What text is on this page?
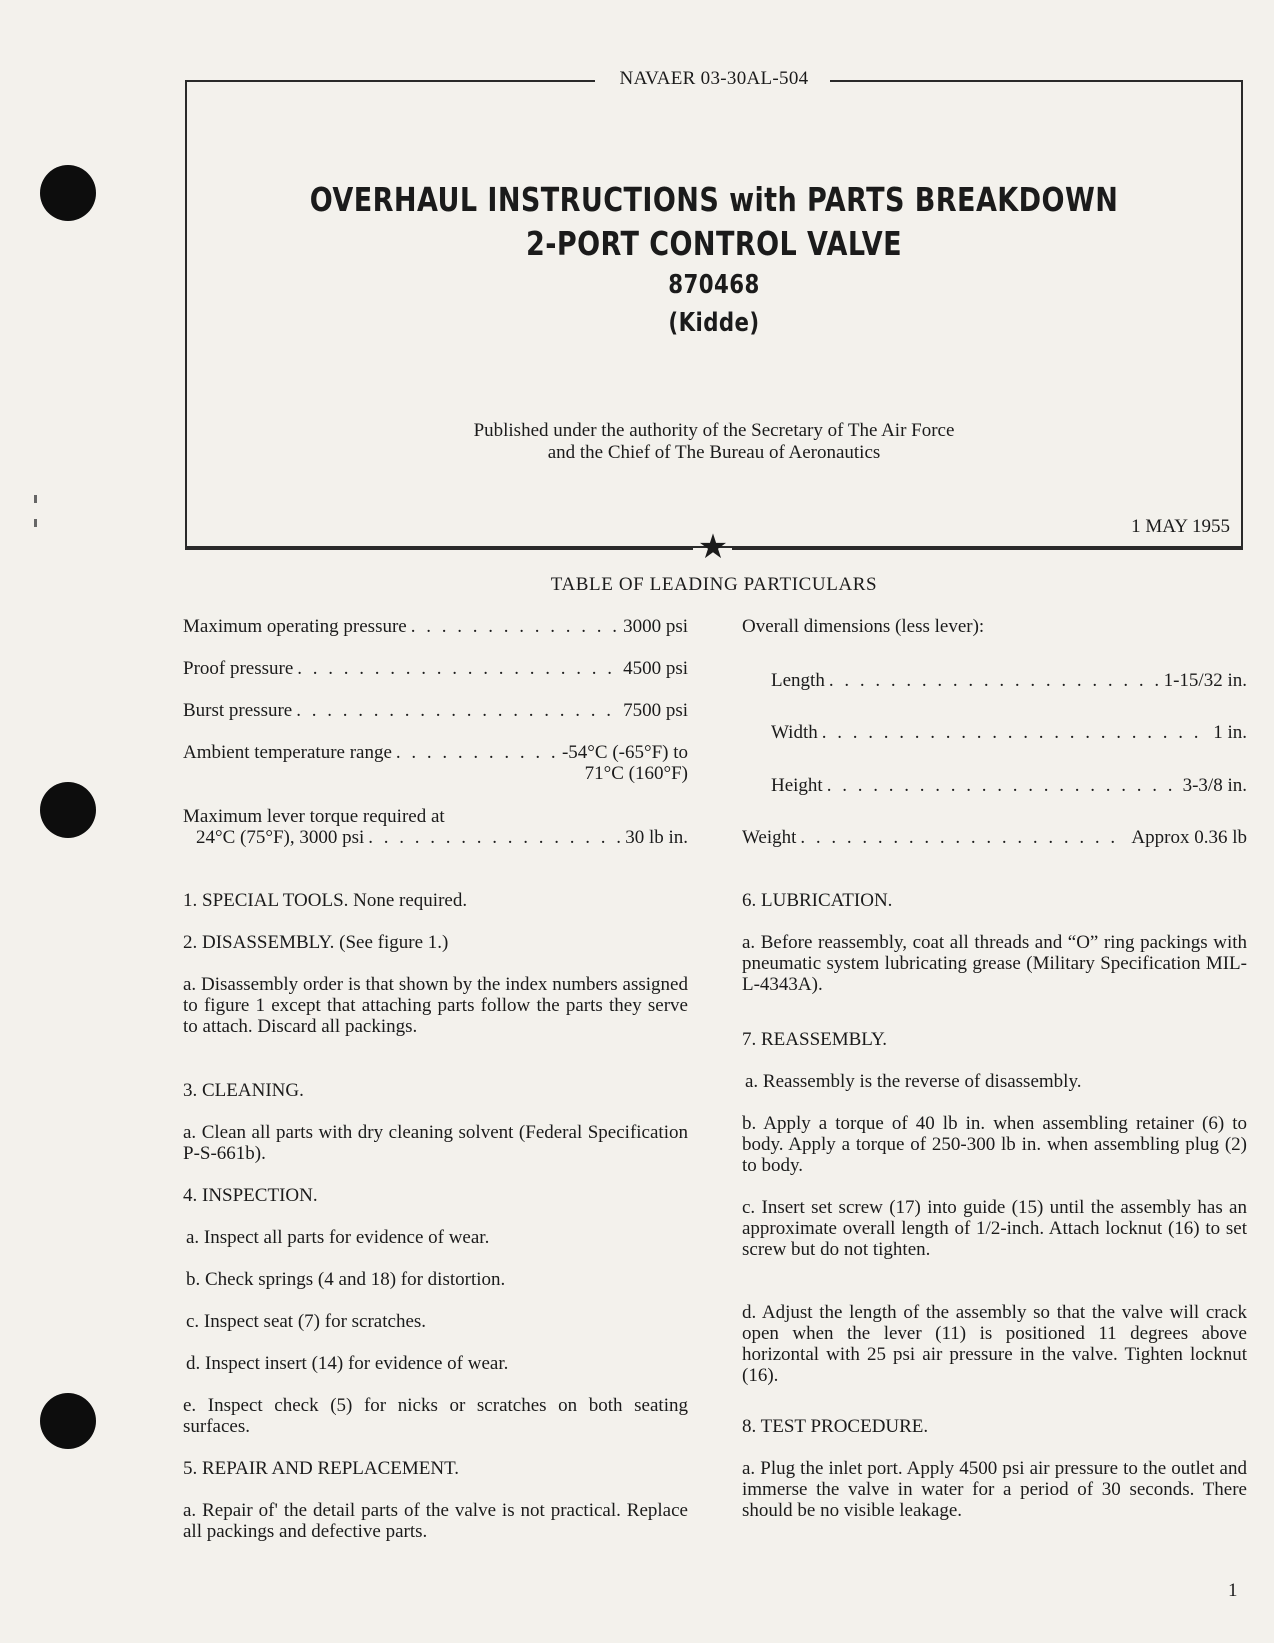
NAVAER 03-30AL-504
★
OVERHAUL INSTRUCTIONS with PARTS BREAKDOWN
2-PORT CONTROL VALVE
870468
(Kidde)
Published under the authority of the Secretary of The Air Force
and the Chief of The Bureau of Aeronautics
1 MAY 1955
TABLE OF LEADING PARTICULARS
Maximum operating pressure . . .	3000 psi
Proof pressure . . .	4500 psi
Burst pressure . . .	7500 psi
Ambient temperature range . . .	-54°C (-65°F) to
71°C (160°F)
Maximum lever torque required at
24°C (75°F), 3000 psi . . .	30 lb in.
Overall dimensions (less lever):
Length . . .	1-15/32 in.
Width . . .	1 in.
Height . . .	3-3/8 in.
Weight . . .	Approx 0.36 lb
1. SPECIAL TOOLS. None required.
2. DISASSEMBLY. (See figure 1.)
a. Disassembly order is that shown by the index numbers assigned to figure 1 except that attaching parts follow the parts they serve to attach. Discard all packings.
3. CLEANING.
a. Clean all parts with dry cleaning solvent (Federal Specification P-S-661b).
4. INSPECTION.
a. Inspect all parts for evidence of wear.
b. Check springs (4 and 18) for distortion.
c. Inspect seat (7) for scratches.
d. Inspect insert (14) for evidence of wear.
e. Inspect check (5) for nicks or scratches on both seating surfaces.
5. REPAIR AND REPLACEMENT.
a. Repair of' the detail parts of the valve is not practical. Replace all packings and defective parts.
6. LUBRICATION.
a. Before reassembly, coat all threads and “O” ring packings with pneumatic system lubricating grease (Military Specification MIL-L-4343A).
7. REASSEMBLY.
a. Reassembly is the reverse of disassembly.
b. Apply a torque of 40 lb in. when assembling retainer (6) to body. Apply a torque of 250-300 lb in. when assembling plug (2) to body.
c. Insert set screw (17) into guide (15) until the assembly has an approximate overall length of 1/2-inch. Attach locknut (16) to set screw but do not tighten.
d. Adjust the length of the assembly so that the valve will crack open when the lever (11) is positioned 11 degrees above horizontal with 25 psi air pressure in the valve. Tighten locknut (16).
8. TEST PROCEDURE.
a. Plug the inlet port. Apply 4500 psi air pressure to the outlet and immerse the valve in water for a period of 30 seconds. There should be no visible leakage.
1
